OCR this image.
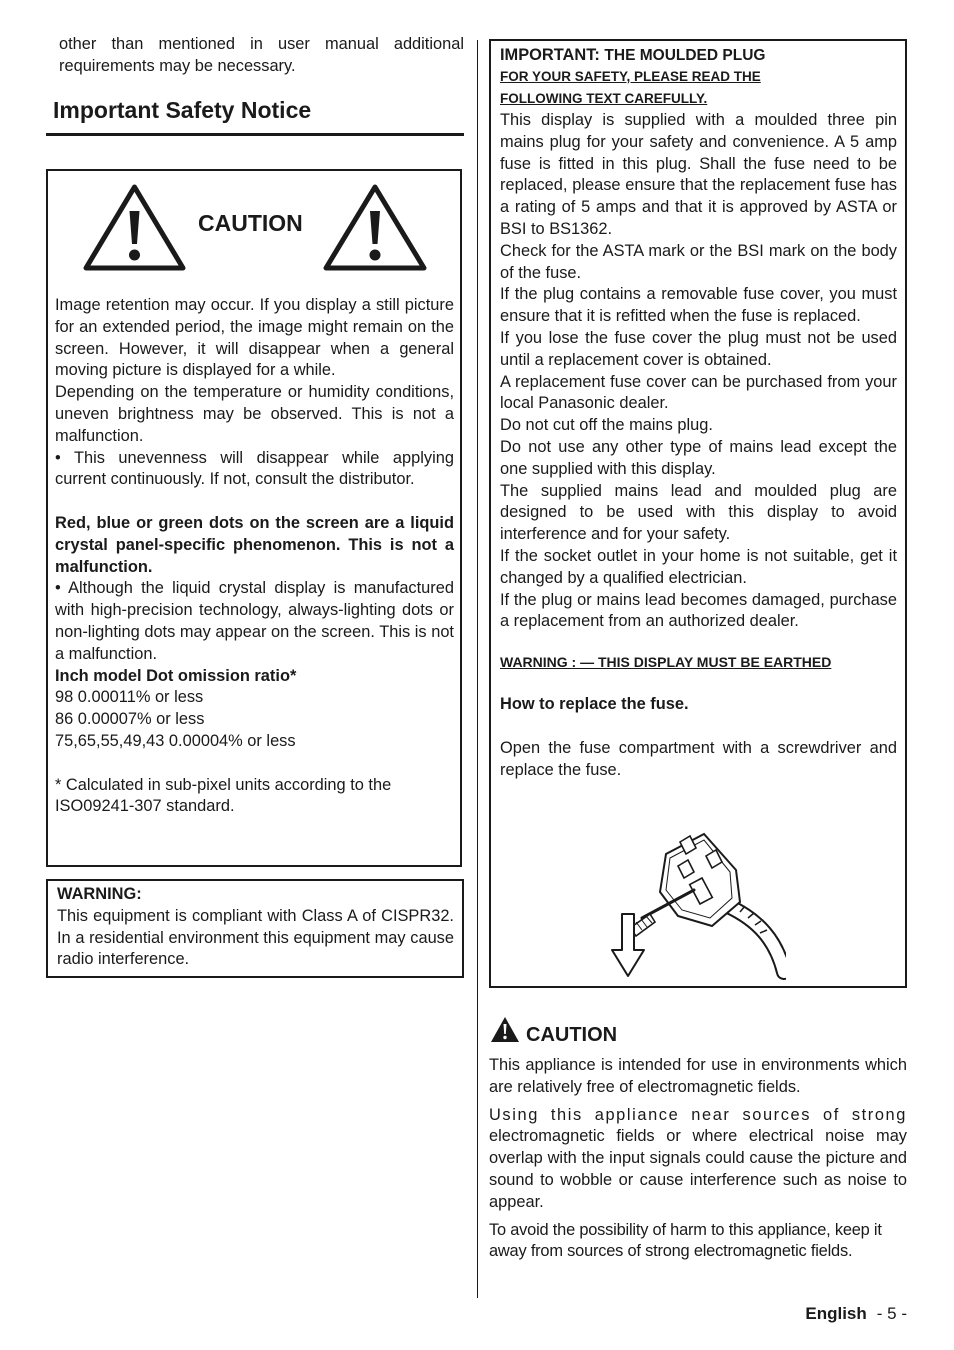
other than mentioned in user manual additional requirements may be necessary.

Important Safety Notice
CAUTION

Image retention may occur. If you display a still picture for an extended period, the image might remain on the screen. However, it will disappear when a general moving picture is displayed for a while.

Depending on the temperature or humidity conditions, uneven brightness may be observed. This is not a malfunction.

• This unevenness will disappear while applying current continuously. If not, consult the distributor.

Red, blue or green dots on the screen are a liquid crystal panel-specific phenomenon. This is not a malfunction.

• Although the liquid crystal display is manufactured with high-precision technology, always-lighting dots or non-lighting dots may appear on the screen. This is not a malfunction.

Inch model Dot omission ratio*

98 0.00011% or less

86 0.00007% or less

75,65,55,49,43 0.00004% or less

* Calculated in sub-pixel units according to the ISO09241-307 standard.

WARNING:

This equipment is compliant with Class A of CISPR32. In a residential environment this equipment may cause radio interference.

IMPORTANT: THE MOULDED PLUG

FOR YOUR SAFETY, PLEASE READ THE

FOLLOWING TEXT CAREFULLY.

This display is supplied with a moulded three pin mains plug for your safety and convenience. A 5 amp fuse is fitted in this plug. Shall the fuse need to be replaced, please ensure that the replacement fuse has a rating of 5 amps and that it is approved by ASTA or BSI to BS1362.

Check for the ASTA mark or the BSI mark on the body of the fuse.

If the plug contains a removable fuse cover, you must ensure that it is refitted when the fuse is replaced.

If you lose the fuse cover the plug must not be used until a replacement cover is obtained.

A replacement fuse cover can be purchased from your local Panasonic dealer.

Do not cut off the mains plug.

Do not use any other type of mains lead except the one supplied with this display.

The supplied mains lead and moulded plug are designed to be used with this display to avoid interference and for your safety.

If the socket outlet in your home is not suitable, get it changed by a qualified electrician.

If the plug or mains lead becomes damaged, purchase a replacement from an authorized dealer.

WARNING : — THIS DISPLAY MUST BE EARTHED

How to replace the fuse.

Open the fuse compartment with a screwdriver and replace the fuse.

CAUTION

This appliance is intended for use in environments which are relatively free of electromagnetic fields.

Using this appliance near sources of strong electromagnetic fields or where electrical noise may overlap with the input signals could cause the picture and sound to wobble or cause interference such as noise to appear.

To avoid the possibility of harm to this appliance, keep it away from sources of strong electromagnetic fields.

English - 5 -
